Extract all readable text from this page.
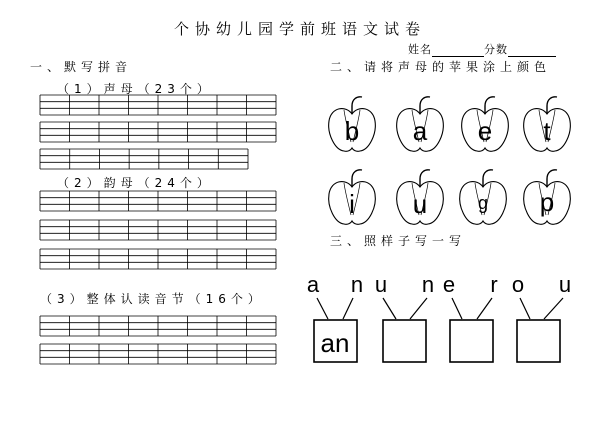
个协幼儿园学前班语文试卷
姓名	分数
一、默写拼音
（1）声母（23个）
（2）韵母（24个）
（3）整体认读音节（16个）
二、请将声母的苹果涂上颜色
b a e t
i u	g p
三、照样子写一写
a n u n e r o u
an
